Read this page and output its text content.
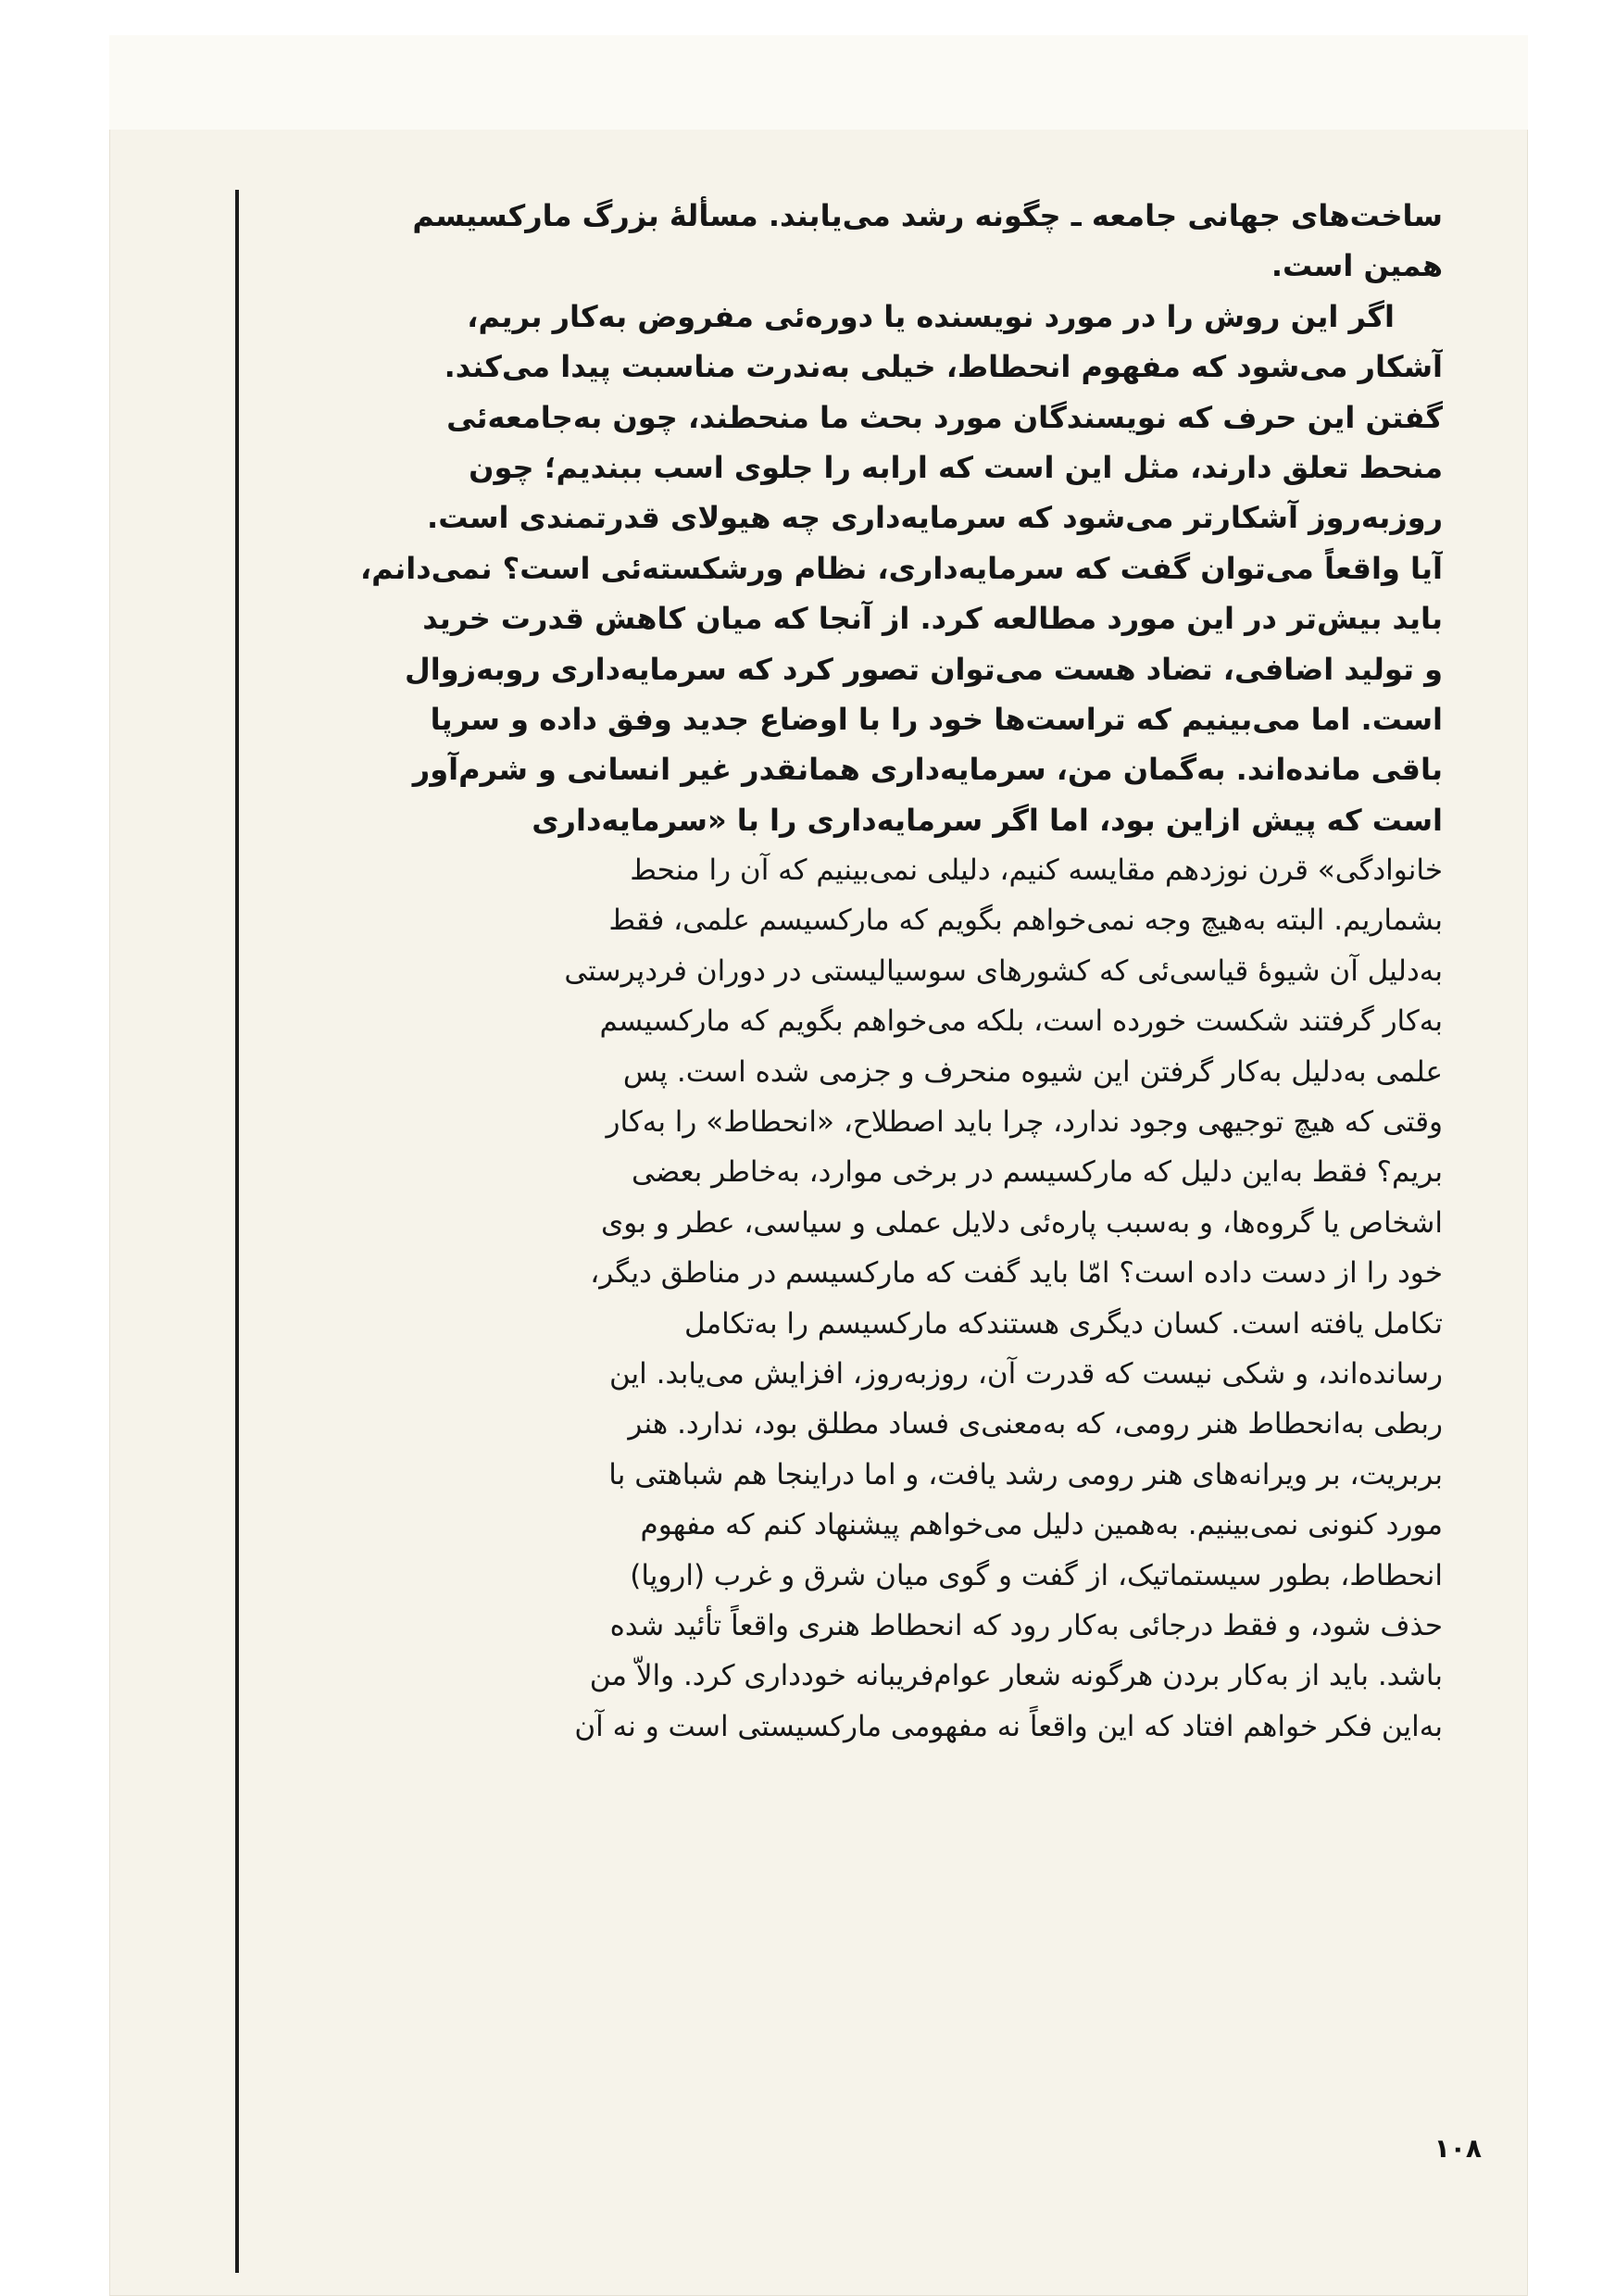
ساخت‌های جهانی جامعه ـ چگونه رشد می‌یابند. مسألهٔ بزرگ مارکسیسم
همین است.
اگر این روش را در مورد نویسنده یا دوره‌ئی مفروض به‌کار بریم،
آشکار می‌شود که مفهوم انحطاط، خیلی به‌ندرت مناسبت پیدا می‌کند.
گفتن این حرف که نویسندگان مورد بحث ما منحطند، چون به‌جامعه‌ئی
منحط تعلق دارند، مثل این است که ارابه را جلوی اسب ببندیم؛ چون
روزبه‌روز آشکارتر می‌شود که سرمایه‌داری چه هیولای قدرتمندی است.
آیا واقعاً می‌توان گفت که سرمایه‌داری، نظام ورشکسته‌ئی است؟ نمی‌دانم،
باید بیش‌تر در این مورد مطالعه کرد. از آنجا که میان کاهش قدرت خرید
و تولید اضافی، تضاد هست می‌توان تصور کرد که سرمایه‌داری روبه‌زوال
است. اما می‌بینیم که تراست‌ها خود را با اوضاع جدید وفق داده و سرپا
باقی مانده‌اند. به‌گمان من، سرمایه‌داری همانقدر غیر انسانی و شرم‌آور
است که پیش ازاین بود، اما اگر سرمایه‌داری را با «سرمایه‌داری
خانوادگی» قرن نوزدهم مقایسه کنیم، دلیلی نمی‌بینیم که آن را منحط
بشماریم. البته به‌هیچ وجه نمی‌خواهم بگویم که مارکسیسم علمی، فقط
به‌دلیل آن شیوهٔ قیاسی‌ئی که کشورهای سوسیالیستی در دوران فردپرستی
به‌کار گرفتند شکست خورده است، بلکه می‌خواهم بگویم که مارکسیسم
علمی به‌دلیل به‌کار گرفتن این شیوه منحرف و جزمی شده است. پس
وقتی که هیچ توجیهی وجود ندارد، چرا باید اصطلاح، «انحطاط» را به‌کار
بریم؟ فقط به‌این دلیل که مارکسیسم در برخی موارد، به‌خاطر بعضی
اشخاص یا گروه‌ها، و به‌سبب پاره‌ئی دلایل عملی و سیاسی، عطر و بوی
خود را از دست داده است؟ امّا باید گفت که مارکسیسم در مناطق دیگر،
تکامل یافته است. کسان دیگری هستندکه مارکسیسم را به‌تکامل
رسانده‌اند، و شکی نیست که قدرت آن، روزبه‌روز، افزایش می‌یابد. این
ربطی به‌انحطاط هنر رومی، که به‌معنی‌ی فساد مطلق بود، ندارد. هنر
بربریت، بر ویرانه‌های هنر رومی رشد یافت، و اما دراینجا هم شباهتی با
مورد کنونی نمی‌بینیم. به‌همین دلیل می‌خواهم پیشنهاد کنم که مفهوم
انحطاط، بطور سیستماتیک، از گفت و گوی میان شرق و غرب (اروپا)
حذف شود، و فقط درجائی به‌کار رود که انحطاط هنری واقعاً تأئید شده
باشد. باید از به‌کار بردن هرگونه شعار عوام‌فریبانه خودداری کرد. والاّ من
به‌این فکر خواهم افتاد که این واقعاً نه مفهومی مارکسیستی است و نه آن
۱۰۸
